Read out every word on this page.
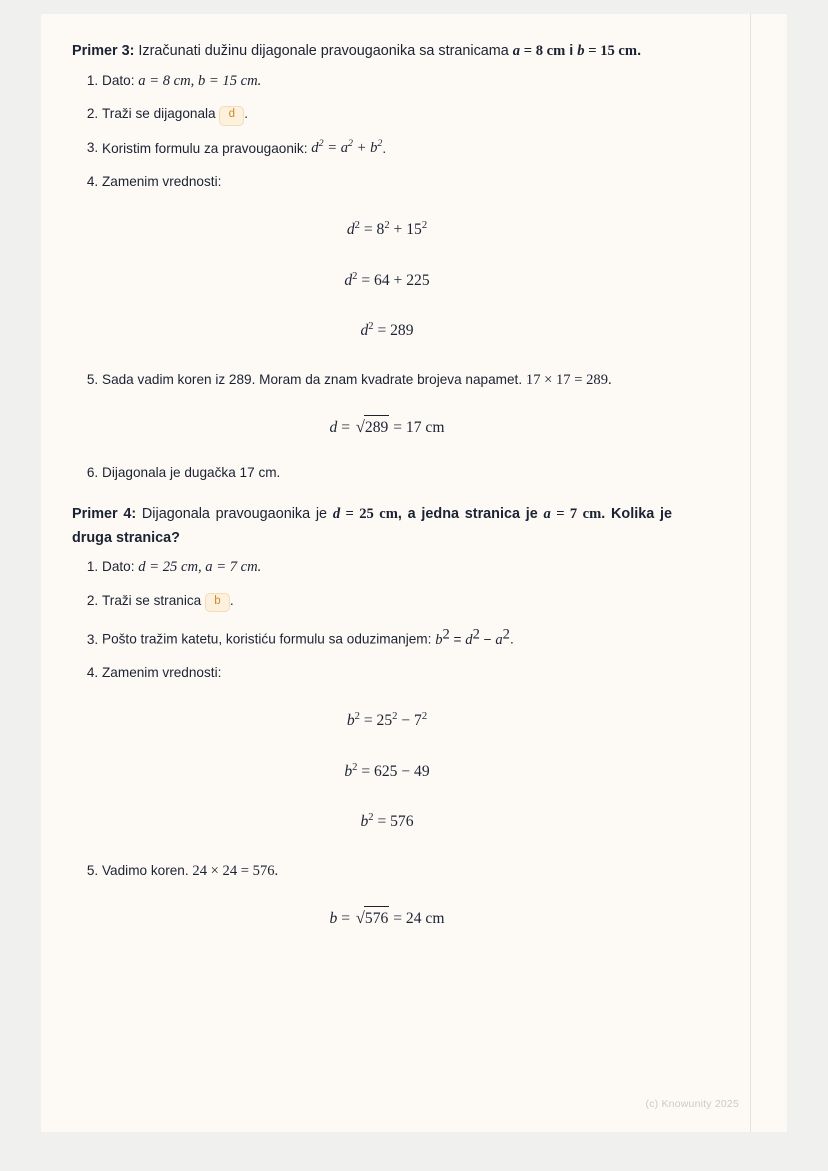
Primer 3: Izračunati dužinu dijagonale pravougaonika sa stranicama a = 8 cm i b = 15 cm.

1. Dato: a = 8 cm, b = 15 cm.
2. Traži se dijagonala d .
3. Koristim formulu za pravougaonik: $d^2 = a^2 + b^2$.
4. Zamenim vrednosti:
$d^2 = 8^2 + 15^2$
$d^2 = 64 + 225$
$d^2 = 289$
5. Sada vadim koren iz 289. Moram da znam kvadrate brojeva napamet. 17 × 17 = 289.
d = √289 = 17 cm
6. Dijagonala je dugačka 17 cm.

Primer 4: Dijagonala pravougaonika je d = 25 cm, a jedna stranica je a = 7 cm. Kolika je druga stranica?

1. Dato: d = 25 cm, a = 7 cm.
2. Traži se stranica b .
3. Pošto tražim katetu, koristiću formulu sa oduzimanjem: $b^2 = d^2 - a^2$.
4. Zamenim vrednosti:
$b^2 = 25^2 - 7^2$
$b^2 = 625 - 49$
$b^2 = 576$
5. Vadimo koren. 24 × 24 = 576.
b = √576 = 24 cm
(c) Knowunity 2025
